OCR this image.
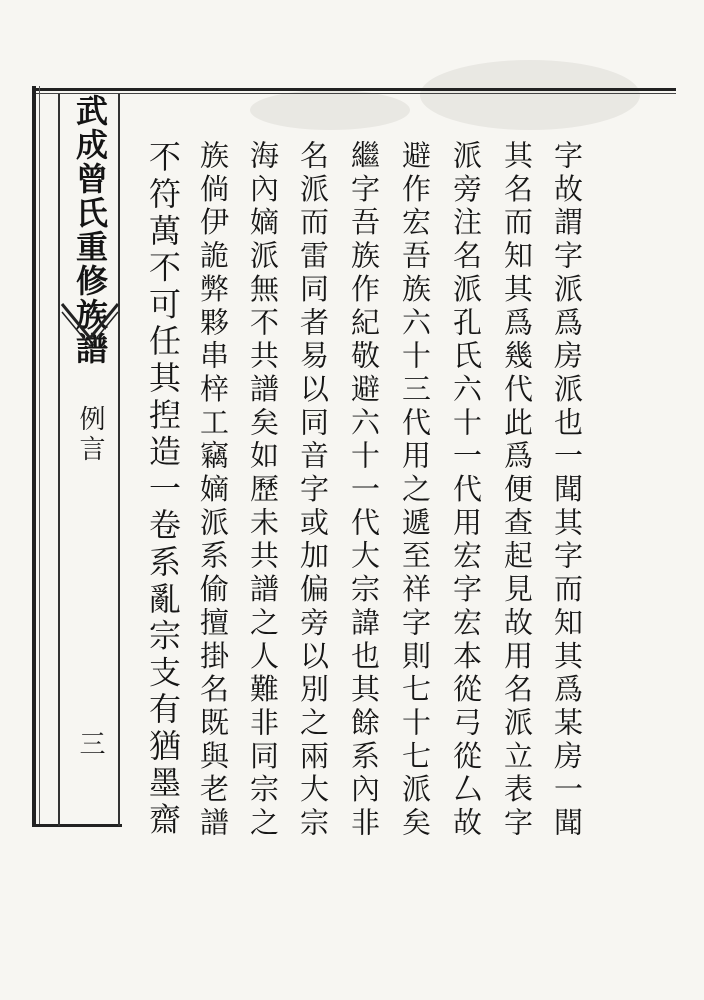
武成曾氏重修族譜
例言
三	字故謂字派爲房派也一聞其字而知其爲某房一聞
其名而知其爲幾代此爲便查起見故用名派立表字
派旁注名派孔氏六十一代用宏字宏本從弓從厶故
避作宏吾族六十三代用之遞至祥字則七十七派矣
繼字吾族作紀敬避六十一代大宗諱也其餘系內非
名派而雷同者易以同音字或加偏旁以別之兩大宗
海內嫡派無不共譜矣如歷未共譜之人難非同宗之
族倘伊詭弊夥串梓工竊嫡派系偷擅掛名既與老譜
不符萬不可任其揑造一卷系亂宗支有猶墨齋
